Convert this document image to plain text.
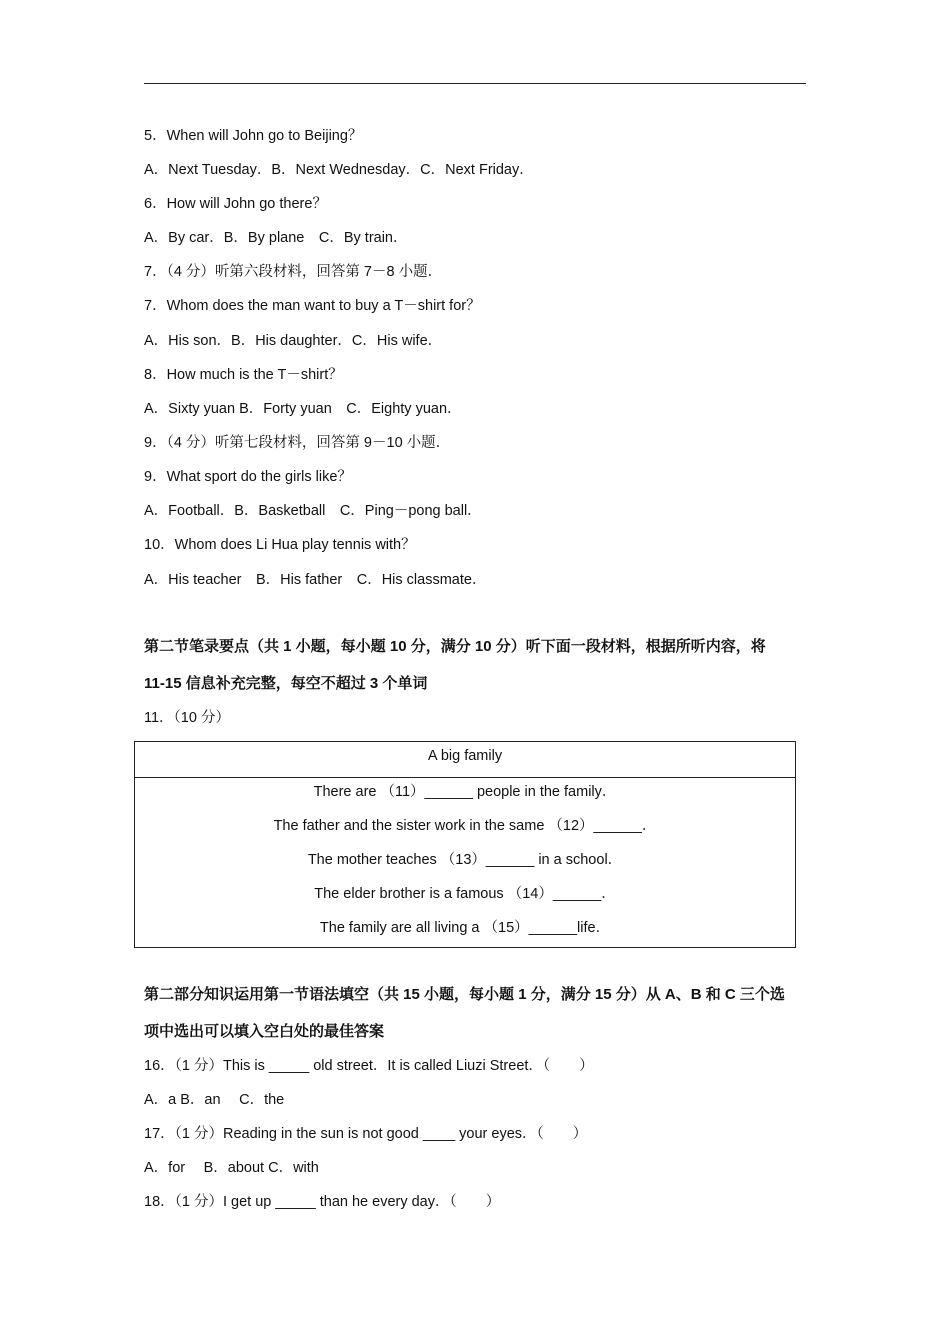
5．When will John go to Beijing？
A．Next Tuesday．B．Next Wednesday．C．Next Friday．
6．How will John go there？
A．By car．B．By plane　C．By train．
7．（4 分）听第六段材料，回答第 7－8 小题．
7．Whom does the man want to buy a T－shirt for？
A．His son．B．His daughter．C．His wife．
8．How much is the T－shirt？
A．Sixty yuan B．Forty yuan　C．Eighty yuan．
9．（4 分）听第七段材料，回答第 9－10 小题．
9．What sport do the girls like？
A．Football．B．Basketball　C．Ping－pong ball．
10．Whom does Li Hua play tennis with？
A．His teacher　B．His father　C．His classmate．
第二节笔录要点（共 1 小题，每小题 10 分，满分 10 分）听下面一段材料，根据所听内容，将
11-15 信息补充完整，每空不超过 3 个单词
11．（10 分）
A big family
There are （11）______ people in the family．
The father and the sister work in the same （12）______．
The mother teaches （13）______ in a school．
The elder brother is a famous （14）______．
The family are all living a （15）______life．
第二部分知识运用第一节语法填空（共 15 小题，每小题 1 分，满分 15 分）从 A、B 和 C 三个选
项中选出可以填入空白处的最佳答案
16．（1 分）This is _____ old street．It is called Liuzi Street．（　　）
A．a B．an　 C．the
17．（1 分）Reading in the sun is not good ____ your eyes．（　　）
A．for　 B．about C．with
18．（1 分）I get up _____ than he every day．（　　）
